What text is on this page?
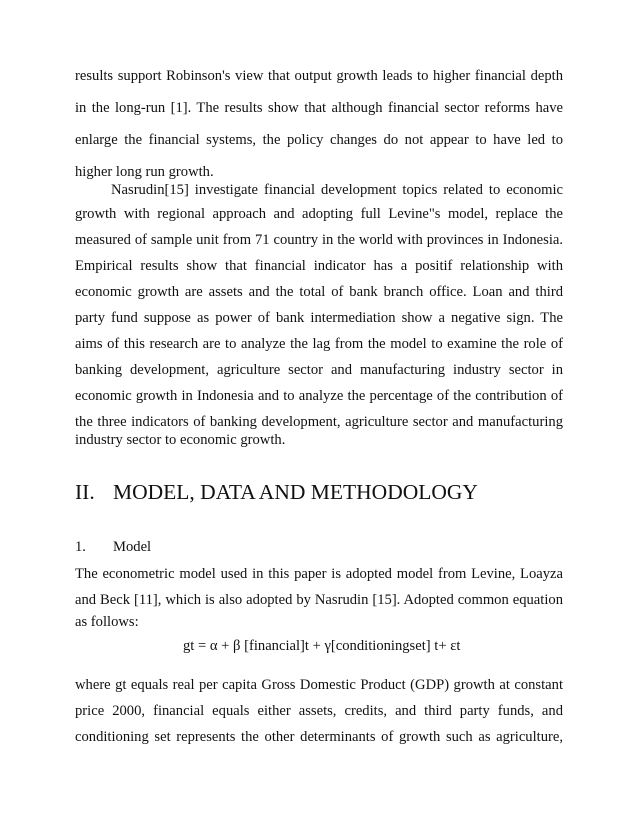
results support Robinson's view that output growth leads to higher financial depth
in the long-run [1]. The results show that although financial sector reforms have
enlarge the financial systems, the policy changes do not appear to have led to
higher long run growth.
Nasrudin[15] investigate financial development topics related to economic
growth with regional approach and adopting full Levine"s model, replace the
measured of sample unit from 71 country in the world with provinces in Indonesia.
Empirical results show that financial indicator has a positif relationship with
economic growth are assets and the total of bank branch office. Loan and third
party fund suppose as power of bank intermediation show a negative sign. The
aims of this research are to analyze the lag from the model to examine the role of
banking development, agriculture sector and manufacturing industry sector in
economic growth in Indonesia and to analyze the percentage of the contribution of
the three indicators of banking development, agriculture sector and manufacturing
industry sector to economic growth.
II. MODEL, DATA AND METHODOLOGY
1. Model
The econometric model used in this paper is adopted model from Levine, Loayza
and Beck [11], which is also adopted by Nasrudin [15]. Adopted common equation
as follows:
gt = α + β [financial]t + γ[conditioningset] t+ εt
where gt equals real per capita Gross Domestic Product (GDP) growth at constant
price 2000, financial equals either assets, credits, and third party funds, and
conditioning set represents the other determinants of growth such as agriculture,
